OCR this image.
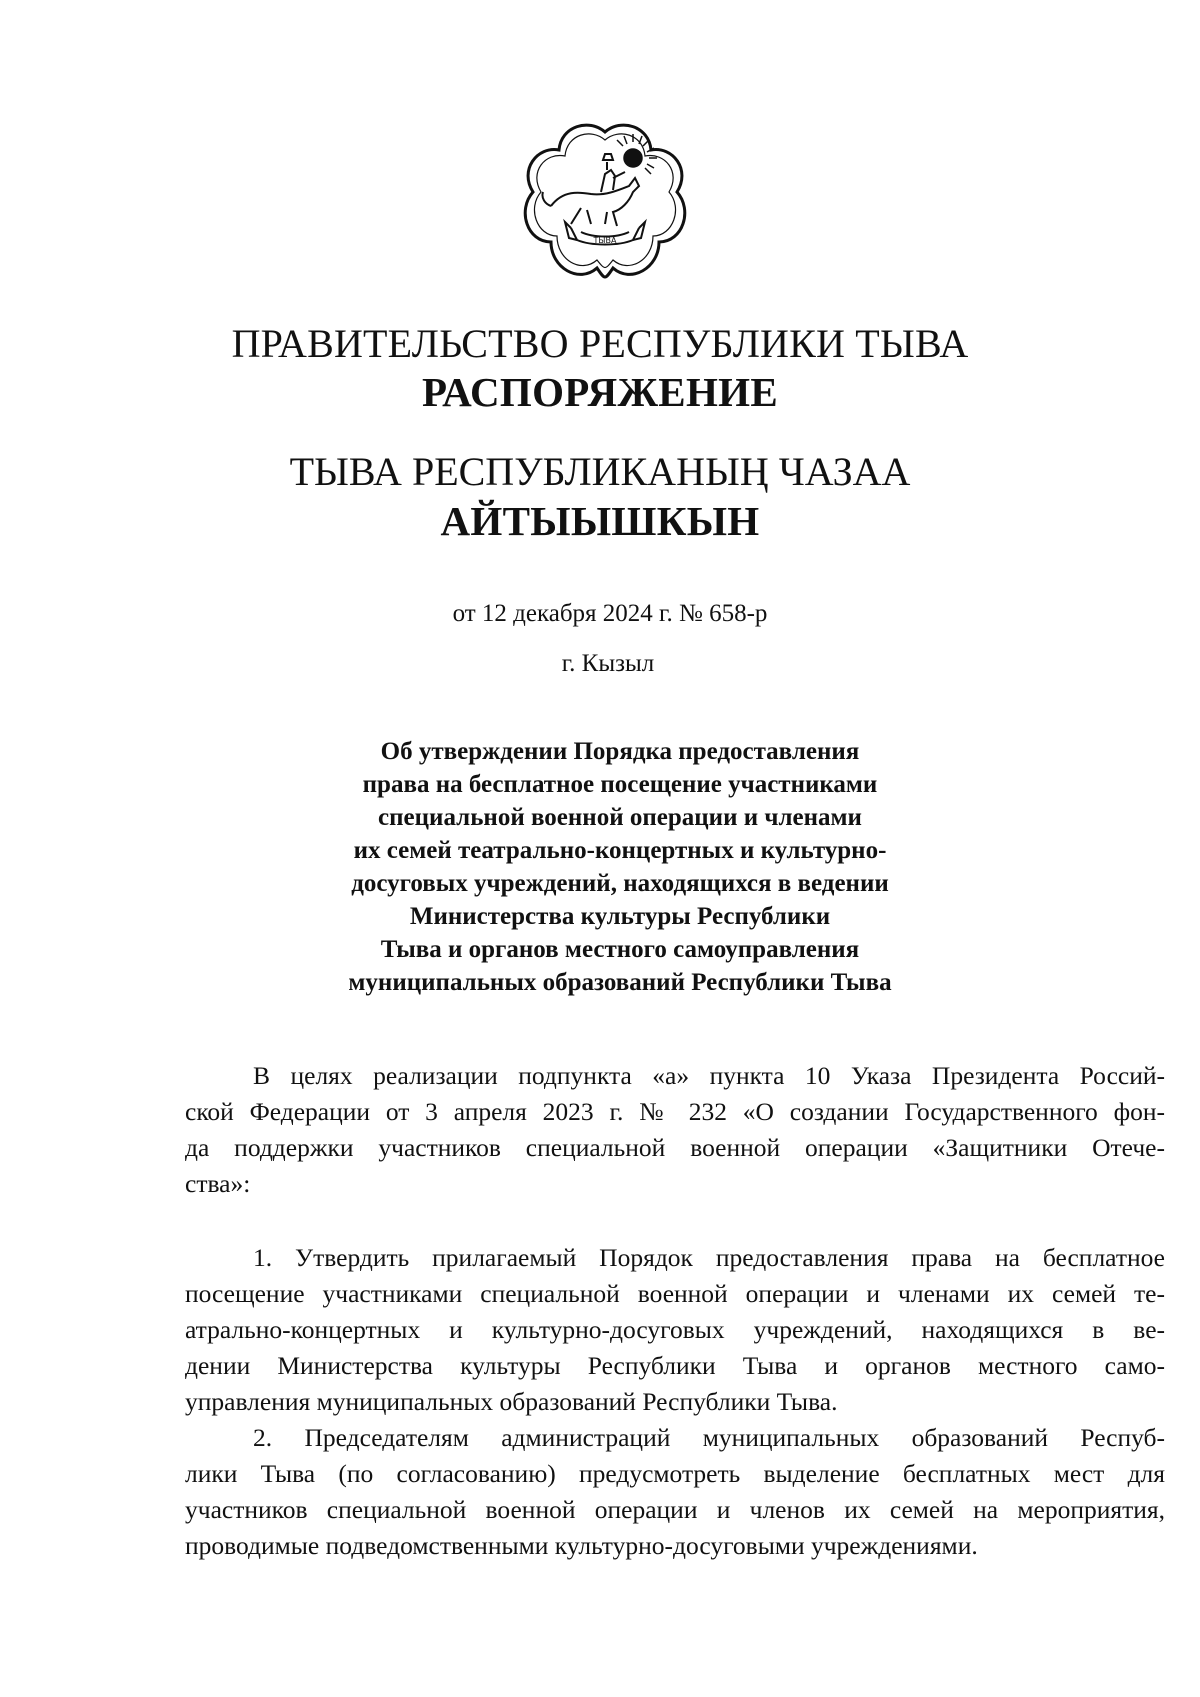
ТЫВА
ПРАВИТЕЛЬСТВО РЕСПУБЛИКИ ТЫВА
РАСПОРЯЖЕНИЕ
ТЫВА РЕСПУБЛИКАНЫҢ ЧАЗАА
АЙТЫЫШКЫН
от 12 декабря 2024 г. № 658-р
г. Кызыл
Об утверждении Порядка предоставления
права на бесплатное посещение участниками
специальной военной операции и членами
их семей театрально-концертных и культурно-
досуговых учреждений, находящихся в ведении
Министерства культуры Республики
Тыва и органов местного самоуправления
муниципальных образований Республики Тыва
В целях реализации подпункта «а» пункта 10 Указа Президента Россий-
ской Федерации от 3 апреля 2023 г. № 232 «О создании Государственного фон-
да поддержки участников специальной военной операции «Защитники Отече-
ства»:
1. Утвердить прилагаемый Порядок предоставления права на бесплатное
посещение участниками специальной военной операции и членами их семей те-
атрально-концертных и культурно-досуговых учреждений, находящихся в ве-
дении Министерства культуры Республики Тыва и органов местного само-
управления муниципальных образований Республики Тыва.
2. Председателям администраций муниципальных образований Респуб-
лики Тыва (по согласованию) предусмотреть выделение бесплатных мест для
участников специальной военной операции и членов их семей на мероприятия,
проводимые подведомственными культурно-досуговыми учреждениями.
